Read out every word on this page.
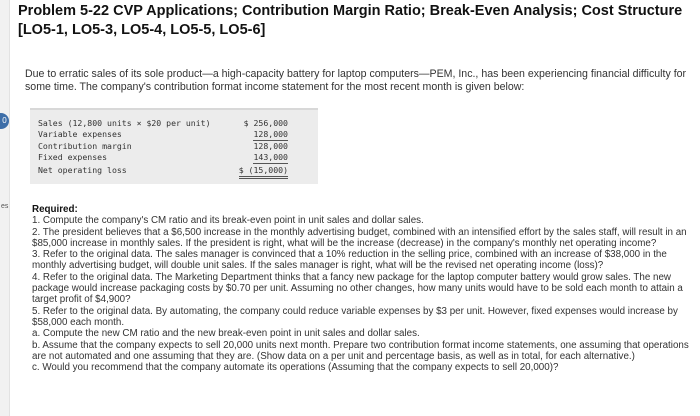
0
es
Problem 5-22 CVP Applications; Contribution Margin Ratio; Break-Even Analysis; Cost Structure [LO5-1, LO5-3, LO5-4, LO5-5, LO5-6]
Due to erratic sales of its sole product—a high-capacity battery for laptop computers—PEM, Inc., has been experiencing financial difficulty for some time. The company's contribution format income statement for the most recent month is given below:
Sales (12,800 units × $20 per unit)	$ 256,000
Variable expenses	128,000
Contribution margin	128,000
Fixed expenses	143,000
Net operating loss	$ (15,000)

Required:

1. Compute the company's CM ratio and its break-even point in unit sales and dollar sales.

2. The president believes that a $6,500 increase in the monthly advertising budget, combined with an intensified effort by the sales staff, will result in an $85,000 increase in monthly sales. If the president is right, what will be the increase (decrease) in the company's monthly net operating income?

3. Refer to the original data. The sales manager is convinced that a 10% reduction in the selling price, combined with an increase of $38,000 in the monthly advertising budget, will double unit sales. If the sales manager is right, what will be the revised net operating income (loss)?

4. Refer to the original data. The Marketing Department thinks that a fancy new package for the laptop computer battery would grow sales. The new package would increase packaging costs by $0.70 per unit. Assuming no other changes, how many units would have to be sold each month to attain a target profit of $4,900?

5. Refer to the original data. By automating, the company could reduce variable expenses by $3 per unit. However, fixed expenses would increase by $58,000 each month.

a. Compute the new CM ratio and the new break-even point in unit sales and dollar sales.

b. Assume that the company expects to sell 20,000 units next month. Prepare two contribution format income statements, one assuming that operations are not automated and one assuming that they are. (Show data on a per unit and percentage basis, as well as in total, for each alternative.)

c. Would you recommend that the company automate its operations (Assuming that the company expects to sell 20,000)?
